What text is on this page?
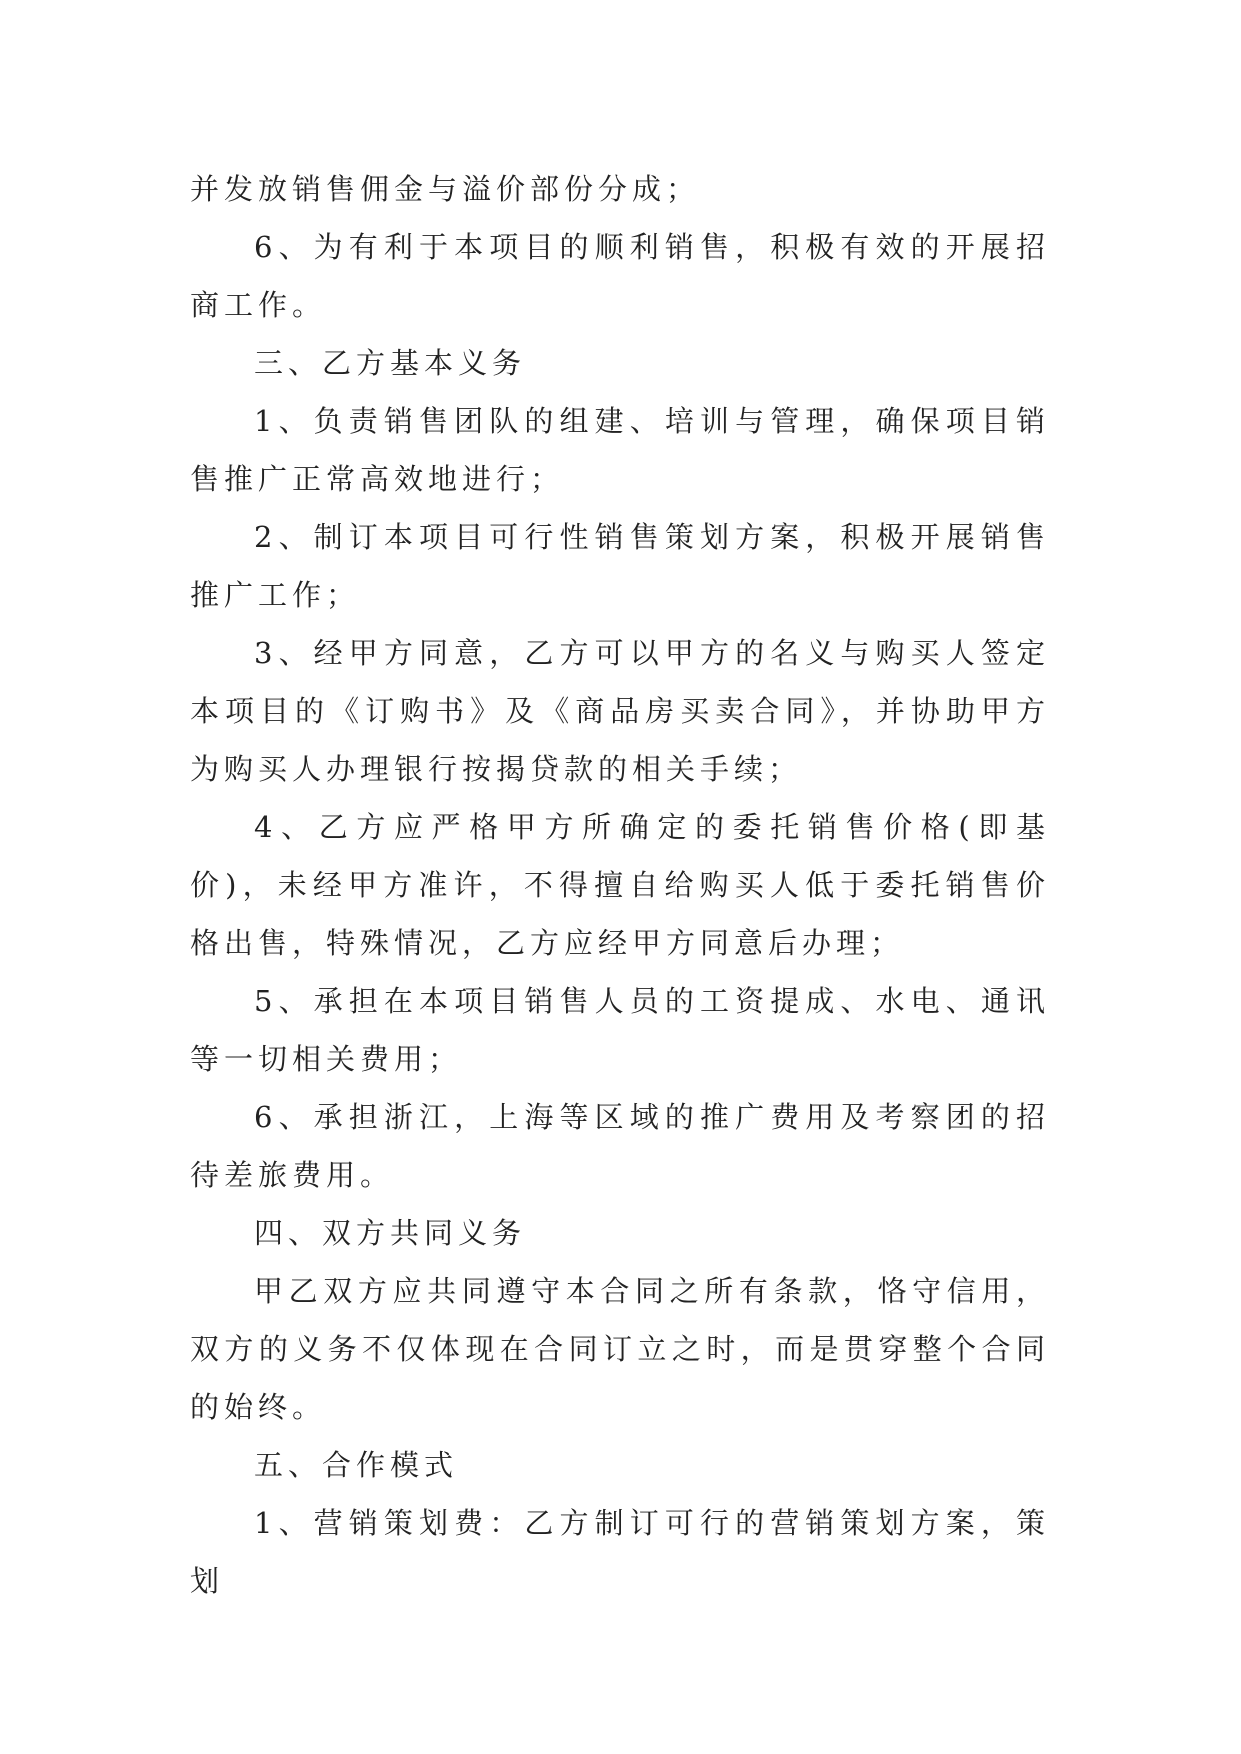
并发放销售佣金与溢价部份分成；

6、为有利于本项目的顺利销售，积极有效的开展招商工作。

三、乙方基本义务

1、负责销售团队的组建、培训与管理，确保项目销售推广正常高效地进行；

2、制订本项目可行性销售策划方案，积极开展销售推广工作；

3、经甲方同意，乙方可以甲方的名义与购买人签定本项目的《订购书》及《商品房买卖合同》，并协助甲方为购买人办理银行按揭贷款的相关手续；

4、乙方应严格甲方所确定的委托销售价格(即基价)，未经甲方准许，不得擅自给购买人低于委托销售价格出售，特殊情况，乙方应经甲方同意后办理；

5、承担在本项目销售人员的工资提成、水电、通讯等一切相关费用；

6、承担浙江，上海等区域的推广费用及考察团的招待差旅费用。

四、双方共同义务

甲乙双方应共同遵守本合同之所有条款，恪守信用，双方的义务不仅体现在合同订立之时，而是贯穿整个合同的始终。

五、合作模式

1、营销策划费：乙方制订可行的营销策划方案，策划
